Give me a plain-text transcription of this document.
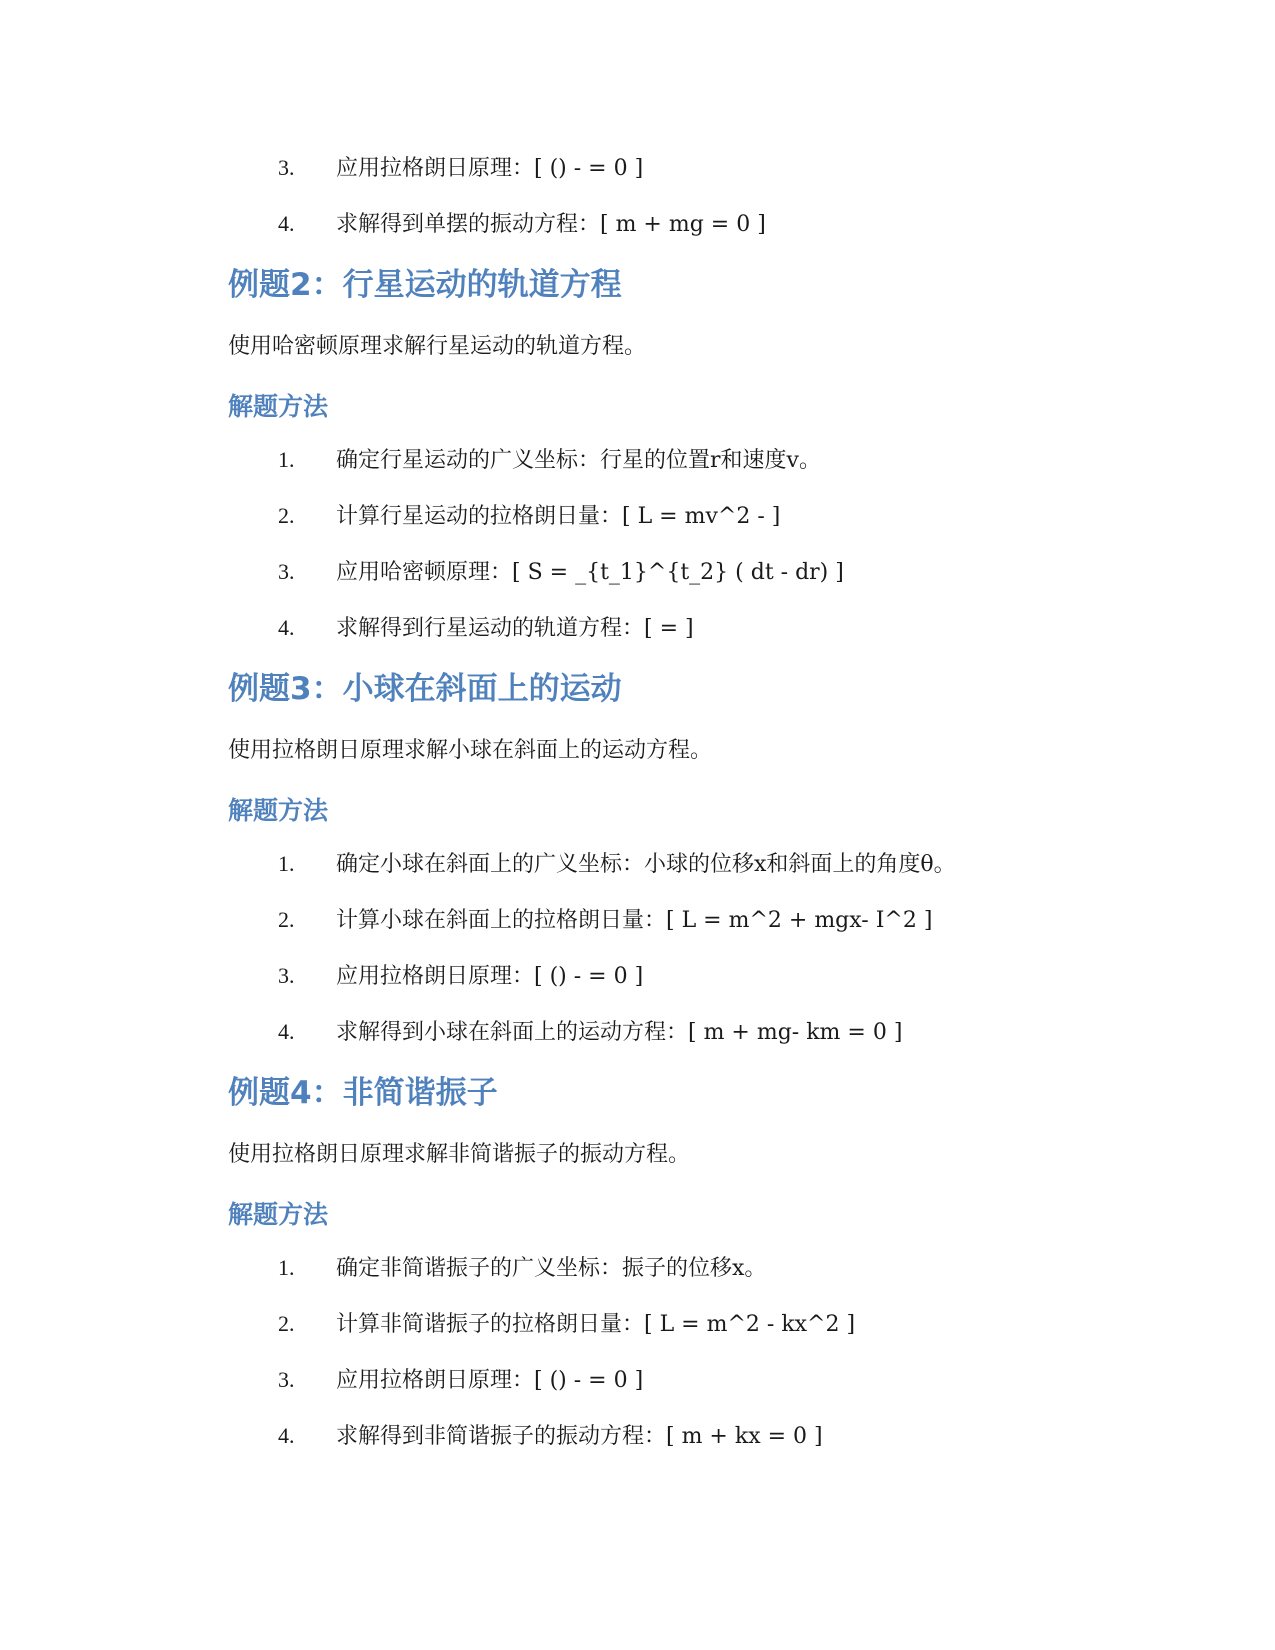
3.	应用拉格朗日原理：[ () - = 0 ]
4.	求解得到单摆的振动方程：[ m + mg = 0 ]
例题2：行星运动的轨道方程

使用哈密顿原理求解行星运动的轨道方程。

解题方法
1.	确定行星运动的广义坐标：行星的位置r和速度v。
2.	计算行星运动的拉格朗日量：[ L = mv^2 - ]
3.	应用哈密顿原理：[ S = _{t_1}^{t_2} ( dt - dr) ]
4.	求解得到行星运动的轨道方程：[ = ]
例题3：小球在斜面上的运动

使用拉格朗日原理求解小球在斜面上的运动方程。

解题方法
1.	确定小球在斜面上的广义坐标：小球的位移x和斜面上的角度θ。
2.	计算小球在斜面上的拉格朗日量：[ L = m^2 + mgx- I^2 ]
3.	应用拉格朗日原理：[ () - = 0 ]
4.	求解得到小球在斜面上的运动方程：[ m + mg- km = 0 ]
例题4：非简谐振子

使用拉格朗日原理求解非简谐振子的振动方程。

解题方法
1.	确定非简谐振子的广义坐标：振子的位移x。
2.	计算非简谐振子的拉格朗日量：[ L = m^2 - kx^2 ]
3.	应用拉格朗日原理：[ () - = 0 ]
4.	求解得到非简谐振子的振动方程：[ m + kx = 0 ]
